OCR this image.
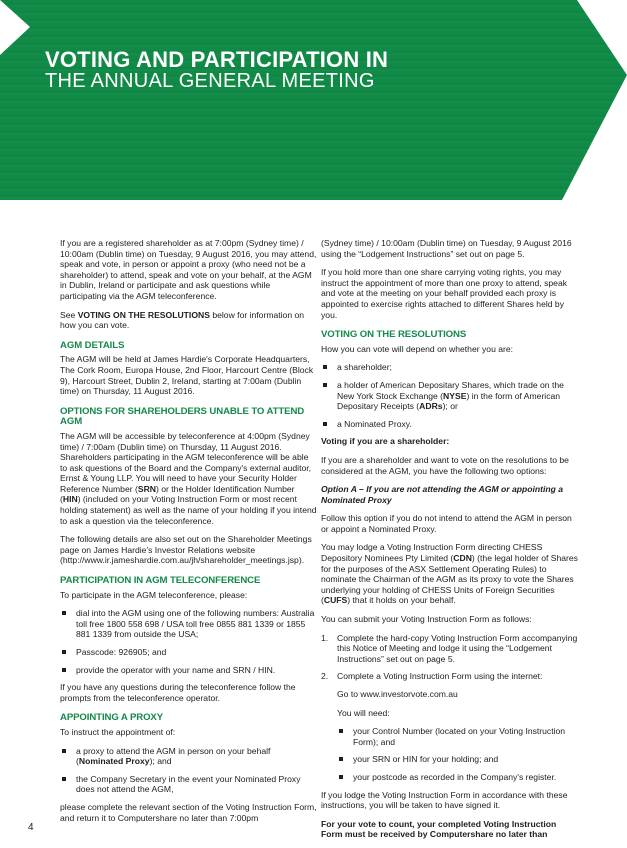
VOTING AND PARTICIPATION IN
THE ANNUAL GENERAL MEETING

If you are a registered shareholder as at 7:00pm (Sydney time) / 10:00am (Dublin time) on Tuesday, 9 August 2016, you may attend, speak and vote, in person or appoint a proxy (who need not be a shareholder) to attend, speak and vote on your behalf, at the AGM in Dublin, Ireland or participate and ask questions while participating via the AGM teleconference.

See VOTING ON THE RESOLUTIONS below for information on how you can vote.

AGM DETAILS

The AGM will be held at James Hardie's Corporate Headquarters, The Cork Room, Europa House, 2nd Floor, Harcourt Centre (Block 9), Harcourt Street, Dublin 2, Ireland, starting at 7:00am (Dublin time) on Thursday, 11 August 2016.

OPTIONS FOR SHAREHOLDERS UNABLE TO ATTEND AGM

The AGM will be accessible by teleconference at 4:00pm (Sydney time) / 7:00am (Dublin time) on Thursday, 11 August 2016. Shareholders participating in the AGM teleconference will be able to ask questions of the Board and the Company's external auditor, Ernst & Young LLP. You will need to have your Security Holder Reference Number (SRN) or the Holder Identification Number (HIN) (included on your Voting Instruction Form or most recent holding statement) as well as the name of your holding if you intend to ask a question via the teleconference.

The following details are also set out on the Shareholder Meetings page on James Hardie's Investor Relations website (http://www.ir.jameshardie.com.au/jh/shareholder_meetings.jsp).

PARTICIPATION IN AGM TELECONFERENCE

To participate in the AGM teleconference, please:

dial into the AGM using one of the following numbers: Australia toll free 1800 558 698 / USA toll free 0855 881 1339 or 1855 881 1339 from outside the USA;
Passcode: 926905; and
provide the operator with your name and SRN / HIN.

If you have any questions during the teleconference follow the prompts from the teleconference operator.

APPOINTING A PROXY

To instruct the appointment of:

a proxy to attend the AGM in person on your behalf (Nominated Proxy); and
the Company Secretary in the event your Nominated Proxy does not attend the AGM,

please complete the relevant section of the Voting Instruction Form, and return it to Computershare no later than 7:00pm

(Sydney time) / 10:00am (Dublin time) on Tuesday, 9 August 2016 using the “Lodgement Instructions” set out on page 5.

If you hold more than one share carrying voting rights, you may instruct the appointment of more than one proxy to attend, speak and vote at the meeting on your behalf provided each proxy is appointed to exercise rights attached to different Shares held by you.

VOTING ON THE RESOLUTIONS

How you can vote will depend on whether you are:

a shareholder;
a holder of American Depositary Shares, which trade on the New York Stock Exchange (NYSE) in the form of American Depositary Receipts (ADRs); or
a Nominated Proxy.

Voting if you are a shareholder:

If you are a shareholder and want to vote on the resolutions to be considered at the AGM, you have the following two options:

Option A – If you are not attending the AGM or appointing a Nominated Proxy

Follow this option if you do not intend to attend the AGM in person or appoint a Nominated Proxy.

You may lodge a Voting Instruction Form directing CHESS Depository Nominees Pty Limited (CDN) (the legal holder of Shares for the purposes of the ASX Settlement Operating Rules) to nominate the Chairman of the AGM as its proxy to vote the Shares underlying your holding of CHESS Units of Foreign Securities (CUFS) that it holds on your behalf.

You can submit your Voting Instruction Form as follows:

1. Complete the hard-copy Voting Instruction Form accompanying this Notice of Meeting and lodge it using the “Lodgement Instructions” set out on page 5.
2. Complete a Voting Instruction Form using the internet:

Go to www.investorvote.com.au

You will need:

your Control Number (located on your Voting Instruction Form); and
your SRN or HIN for your holding; and
your postcode as recorded in the Company's register.

If you lodge the Voting Instruction Form in accordance with these instructions, you will be taken to have signed it.

For your vote to count, your completed Voting Instruction Form must be received by Computershare no later than

4
